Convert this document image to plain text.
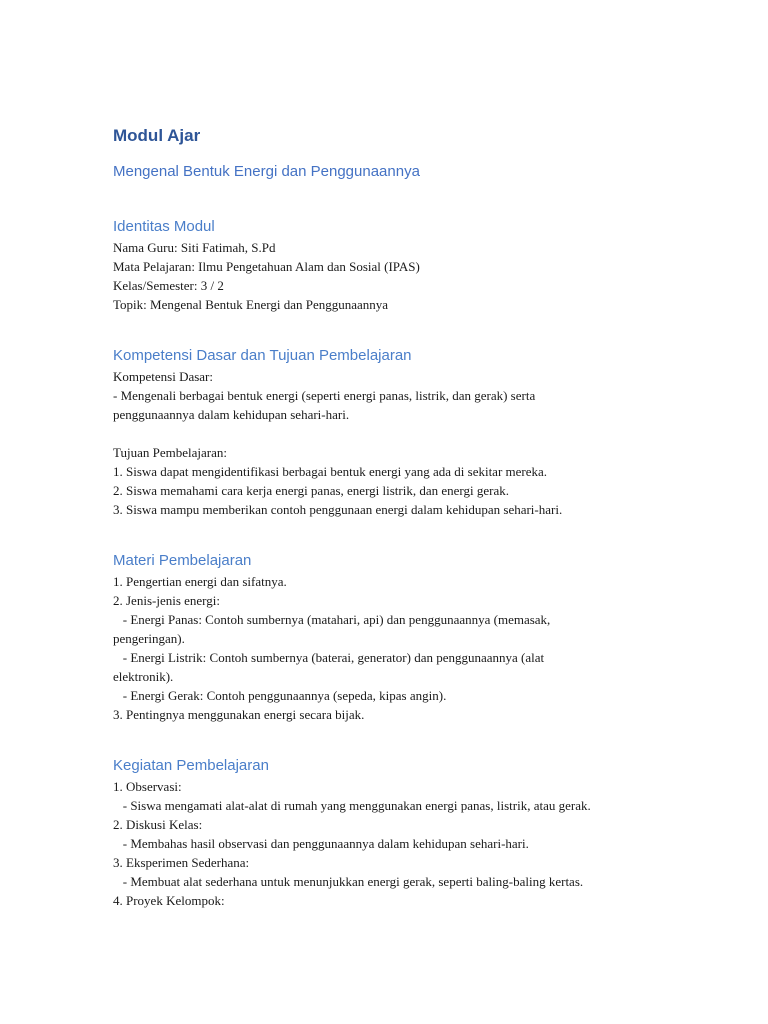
Modul Ajar
Mengenal Bentuk Energi dan Penggunaannya
Identitas Modul
Nama Guru: Siti Fatimah, S.Pd
Mata Pelajaran: Ilmu Pengetahuan Alam dan Sosial (IPAS)
Kelas/Semester: 3 / 2
Topik: Mengenal Bentuk Energi dan Penggunaannya
Kompetensi Dasar dan Tujuan Pembelajaran
Kompetensi Dasar:
- Mengenali berbagai bentuk energi (seperti energi panas, listrik, dan gerak) serta
penggunaannya dalam kehidupan sehari-hari.
Tujuan Pembelajaran:
1. Siswa dapat mengidentifikasi berbagai bentuk energi yang ada di sekitar mereka.
2. Siswa memahami cara kerja energi panas, energi listrik, dan energi gerak.
3. Siswa mampu memberikan contoh penggunaan energi dalam kehidupan sehari-hari.
Materi Pembelajaran
1. Pengertian energi dan sifatnya.
2. Jenis-jenis energi:
- Energi Panas: Contoh sumbernya (matahari, api) dan penggunaannya (memasak,
pengeringan).
- Energi Listrik: Contoh sumbernya (baterai, generator) dan penggunaannya (alat
elektronik).
- Energi Gerak: Contoh penggunaannya (sepeda, kipas angin).
3. Pentingnya menggunakan energi secara bijak.
Kegiatan Pembelajaran
1. Observasi:
- Siswa mengamati alat-alat di rumah yang menggunakan energi panas, listrik, atau gerak.
2. Diskusi Kelas:
- Membahas hasil observasi dan penggunaannya dalam kehidupan sehari-hari.
3. Eksperimen Sederhana:
- Membuat alat sederhana untuk menunjukkan energi gerak, seperti baling-baling kertas.
4. Proyek Kelompok:
